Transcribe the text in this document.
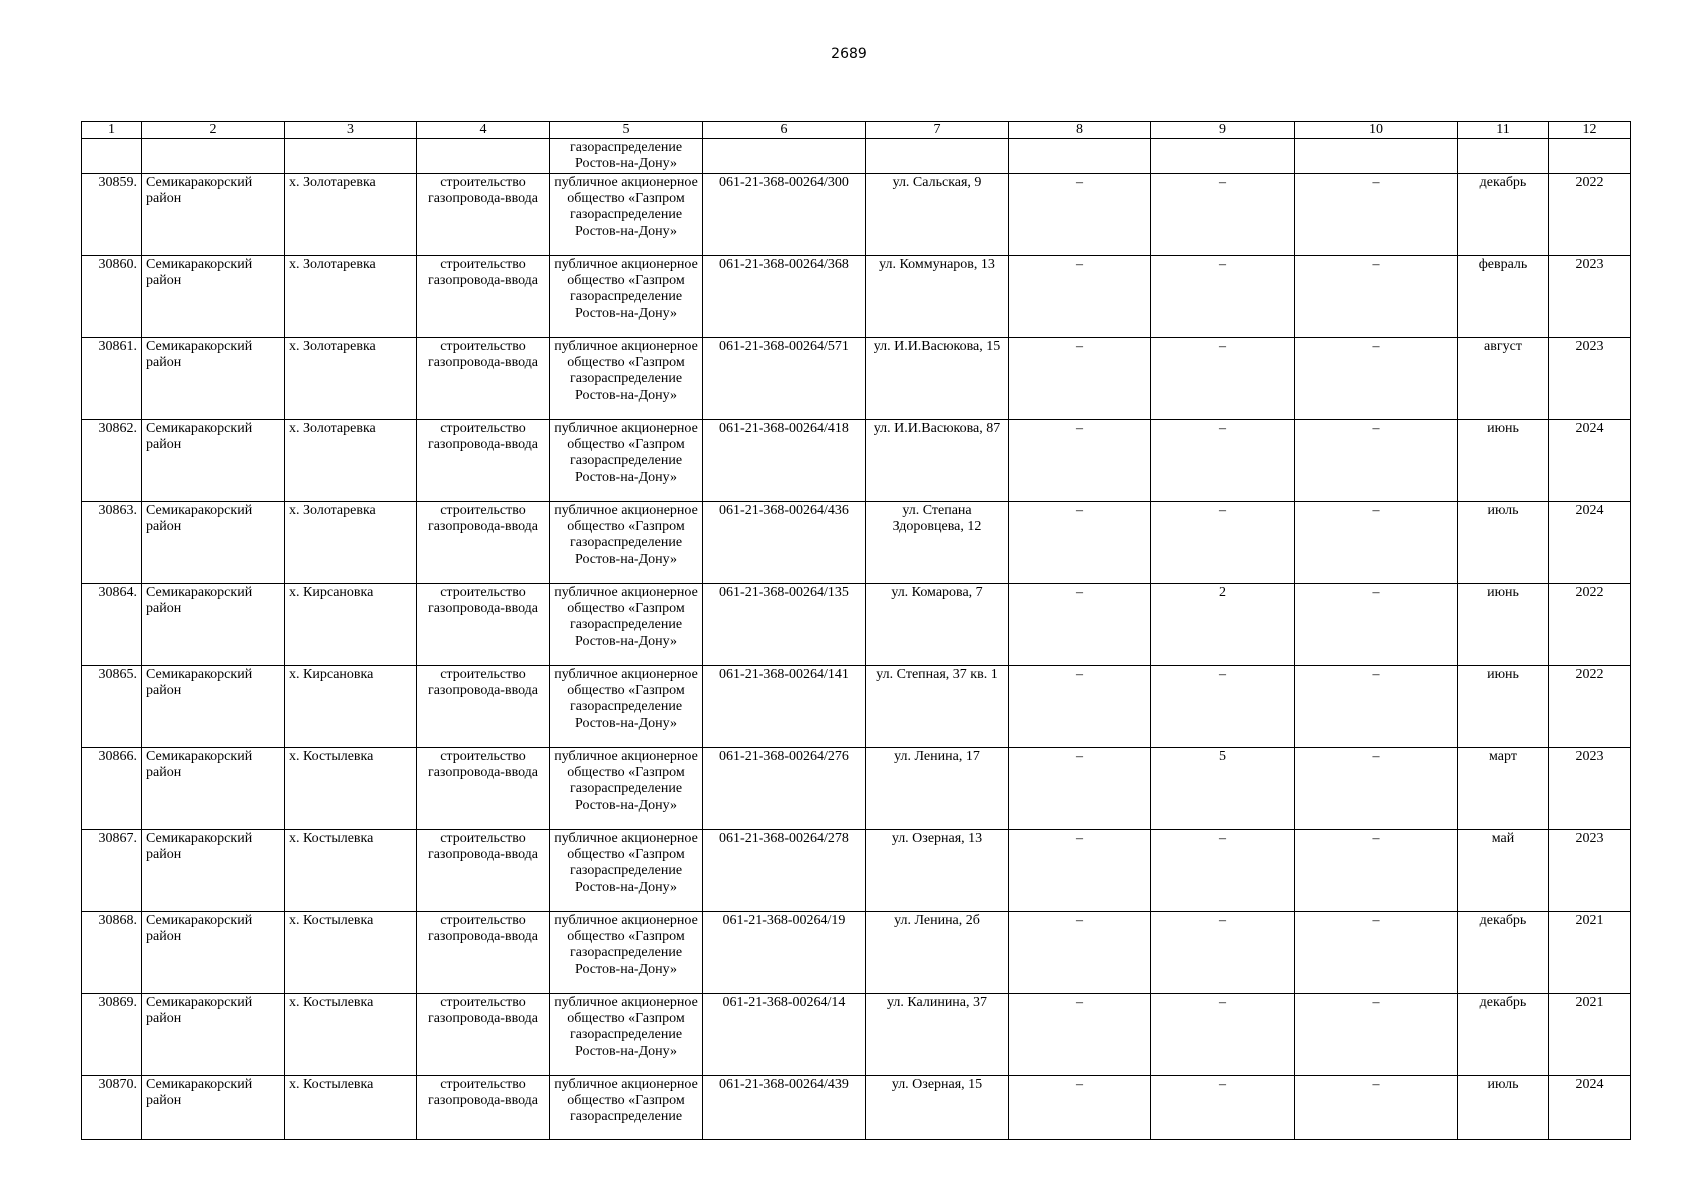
2689
1	2	3	4	5	6	7	8	9	10	11	12
				газораспределение Ростов-на-Дону»							
30859.	Семикаракорский район	х. Золотаревка	строительство газопровода-ввода	публичное акционерное общество «Газпром газораспределение Ростов-на-Дону»	061-21-368-00264/300	ул. Сальская, 9	–	–	–	декабрь	2022
30860.	Семикаракорский район	х. Золотаревка	строительство газопровода-ввода	публичное акционерное общество «Газпром газораспределение Ростов-на-Дону»	061-21-368-00264/368	ул. Коммунаров, 13	–	–	–	февраль	2023
30861.	Семикаракорский район	х. Золотаревка	строительство газопровода-ввода	публичное акционерное общество «Газпром газораспределение Ростов-на-Дону»	061-21-368-00264/571	ул. И.И.Васюкова, 15	–	–	–	август	2023
30862.	Семикаракорский район	х. Золотаревка	строительство газопровода-ввода	публичное акционерное общество «Газпром газораспределение Ростов-на-Дону»	061-21-368-00264/418	ул. И.И.Васюкова, 87	–	–	–	июнь	2024
30863.	Семикаракорский район	х. Золотаревка	строительство газопровода-ввода	публичное акционерное общество «Газпром газораспределение Ростов-на-Дону»	061-21-368-00264/436	ул. Степана Здоровцева, 12	–	–	–	июль	2024
30864.	Семикаракорский район	х. Кирсановка	строительство газопровода-ввода	публичное акционерное общество «Газпром газораспределение Ростов-на-Дону»	061-21-368-00264/135	ул. Комарова, 7	–	2	–	июнь	2022
30865.	Семикаракорский район	х. Кирсановка	строительство газопровода-ввода	публичное акционерное общество «Газпром газораспределение Ростов-на-Дону»	061-21-368-00264/141	ул. Степная, 37 кв. 1	–	–	–	июнь	2022
30866.	Семикаракорский район	х. Костылевка	строительство газопровода-ввода	публичное акционерное общество «Газпром газораспределение Ростов-на-Дону»	061-21-368-00264/276	ул. Ленина, 17	–	5	–	март	2023
30867.	Семикаракорский район	х. Костылевка	строительство газопровода-ввода	публичное акционерное общество «Газпром газораспределение Ростов-на-Дону»	061-21-368-00264/278	ул. Озерная, 13	–	–	–	май	2023
30868.	Семикаракорский район	х. Костылевка	строительство газопровода-ввода	публичное акционерное общество «Газпром газораспределение Ростов-на-Дону»	061-21-368-00264/19	ул. Ленина, 2б	–	–	–	декабрь	2021
30869.	Семикаракорский район	х. Костылевка	строительство газопровода-ввода	публичное акционерное общество «Газпром газораспределение Ростов-на-Дону»	061-21-368-00264/14	ул. Калинина, 37	–	–	–	декабрь	2021
30870.	Семикаракорский район	х. Костылевка	строительство газопровода-ввода	публичное акционерное общество «Газпром газораспределение	061-21-368-00264/439	ул. Озерная, 15	–	–	–	июль	2024
